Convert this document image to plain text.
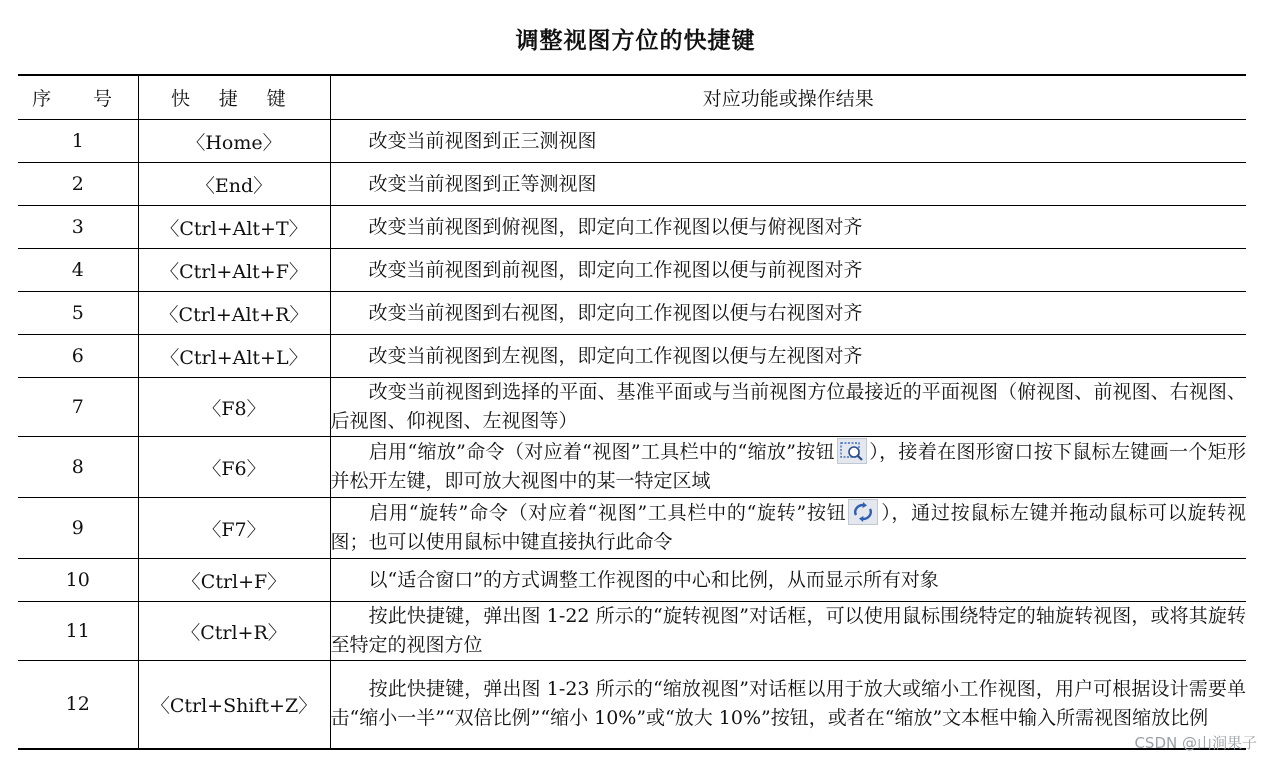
调整视图方位的快捷键
序　号	快 捷 键	对应功能或操作结果
1	〈Home〉	改变当前视图到正三测视图
2	〈End〉	改变当前视图到正等测视图
3	〈Ctrl+Alt+T〉	改变当前视图到俯视图，即定向工作视图以便与俯视图对齐
4	〈Ctrl+Alt+F〉	改变当前视图到前视图，即定向工作视图以便与前视图对齐
5	〈Ctrl+Alt+R〉	改变当前视图到右视图，即定向工作视图以便与右视图对齐
6	〈Ctrl+Alt+L〉	改变当前视图到左视图，即定向工作视图以便与左视图对齐
7	〈F8〉	改变当前视图到选择的平面、基准平面或与当前视图方位最接近的平面视图（俯视图、前视图、右视图、后视图、仰视图、左视图等）
8	〈F6〉	启用“缩放”命令（对应着“视图”工具栏中的“缩放”按钮 ），接着在图形窗口按下鼠标左键画一个矩形并松开左键，即可放大视图中的某一特定区域
9	〈F7〉	启用“旋转”命令（对应着“视图”工具栏中的“旋转”按钮 ），通过按鼠标左键并拖动鼠标可以旋转视图；也可以使用鼠标中键直接执行此命令
10	〈Ctrl+F〉	以“适合窗口”的方式调整工作视图的中心和比例，从而显示所有对象
11	〈Ctrl+R〉	按此快捷键，弹出图 1-22 所示的“旋转视图”对话框，可以使用鼠标围绕特定的轴旋转视图，或将其旋转至特定的视图方位
12	〈Ctrl+Shift+Z〉	按此快捷键，弹出图 1-23 所示的“缩放视图”对话框以用于放大或缩小工作视图，用户可根据设计需要单击“缩小一半”“双倍比例”“缩小 10%”或“放大 10%”按钮，或者在“缩放”文本框中输入所需视图缩放比例
CSDN @山涧果子
